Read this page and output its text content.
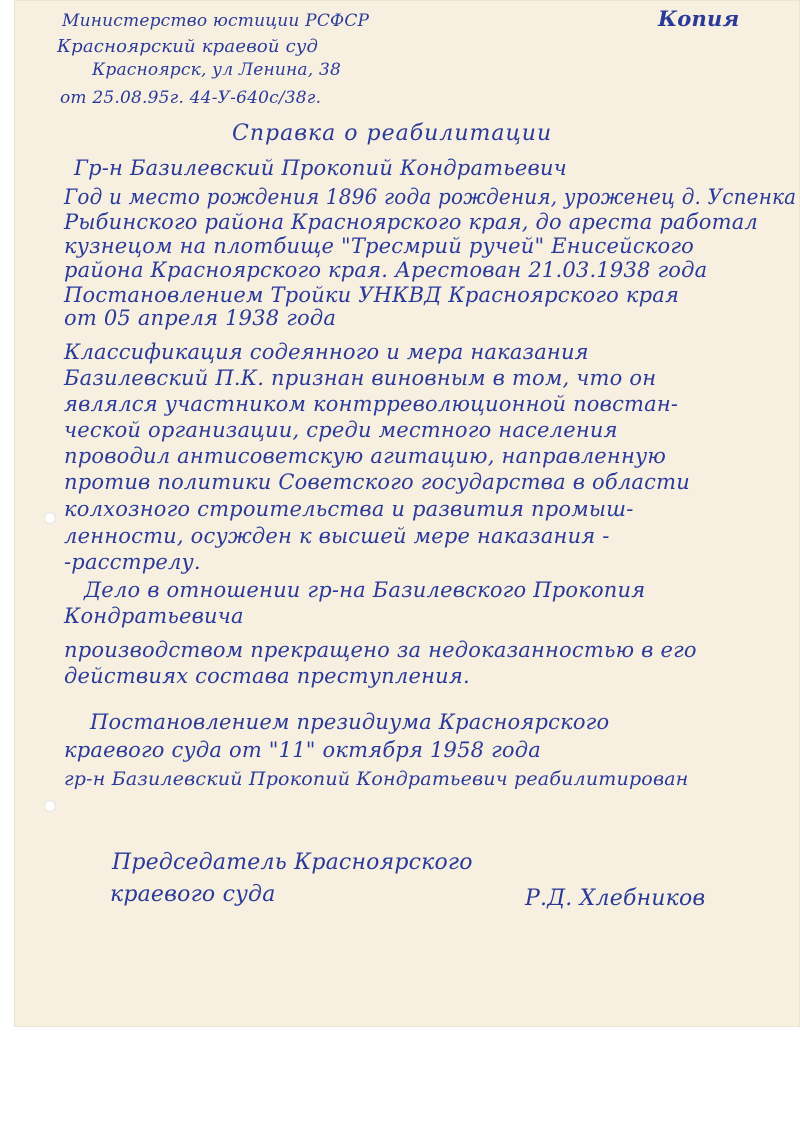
Копия
Министерство юстиции РСФСР
Красноярский краевой суд
Красноярск, ул Ленина, 38
от 25.08.95г. 44-У-640с/38г.
Справка о реабилитации
Гр-н Базилевский Прокопий Кондратьевич
Год и место рождения 1896 года рождения, уроженец д. Успенка
Рыбинского района Красноярского края, до ареста работал
кузнецом на плотбище "Тресмрий ручей" Енисейского
района Красноярского края. Арестован 21.03.1938 года
Постановлением Тройки УНКВД Красноярского края
от 05 апреля 1938 года
Классификация содеянного и мера наказания
Базилевский П.К. признан виновным в том, что он
являлся участником контрреволюционной повстан-
ческой организации, среди местного населения
проводил антисоветскую агитацию, направленную
против политики Советского государства в области
колхозного строительства и развития промыш-
ленности, осужден к высшей мере наказания -
-расстрелу.
Дело в отношении гр-на Базилевского Прокопия
Кондратьевича
производством прекращено за недоказанностью в его
действиях состава преступления.
Постановлением президиума Красноярского
краевого суда от "11" октября 1958 года
гр-н Базилевский Прокопий Кондратьевич реабилитирован
Председатель Красноярского
краевого суда	Р.Д. Хлебников
